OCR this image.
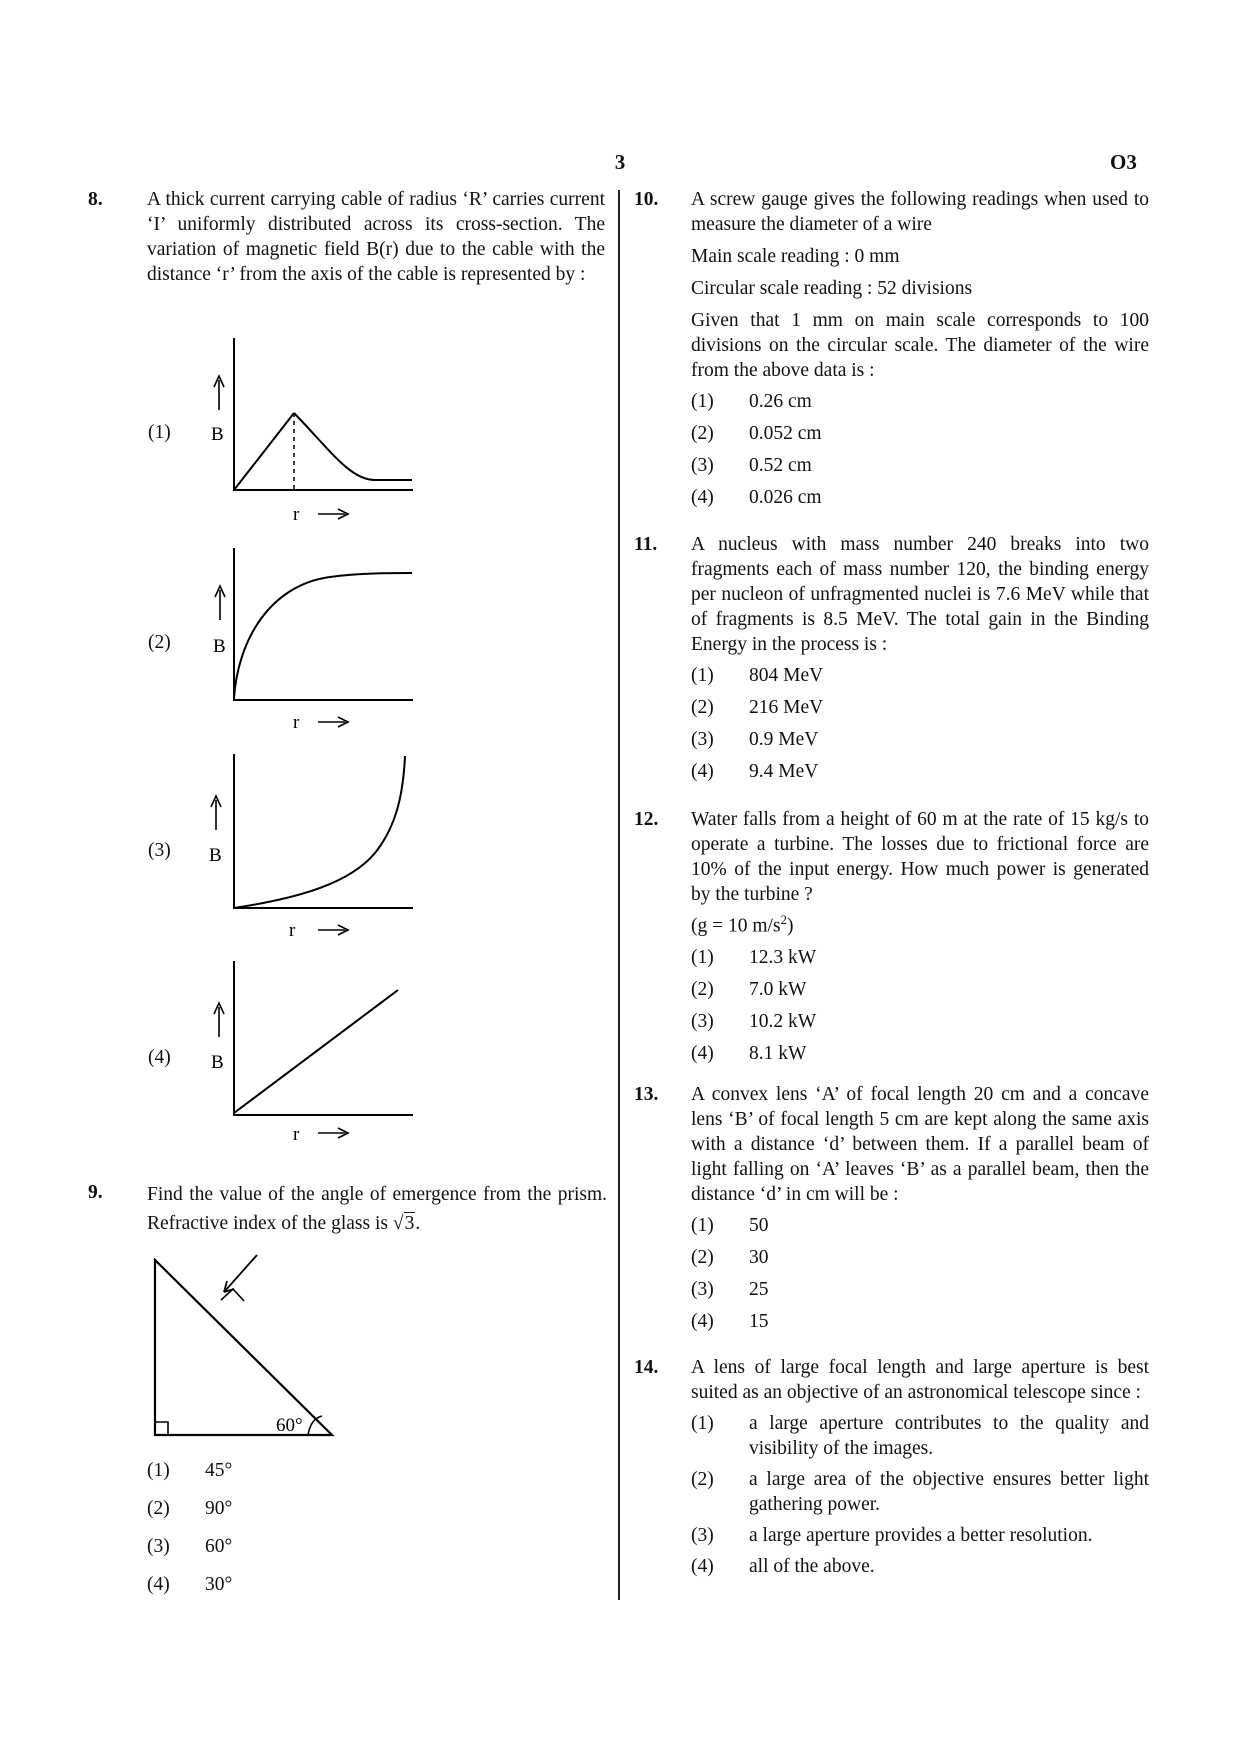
3	O3
8. A thick current carrying cable of radius ‘R’ carries current ‘I’ uniformly distributed across its cross-section. The variation of magnetic field B(r) due to the cable with the distance ‘r’ from the axis of the cable is represented by :
(1) B
r
(2) B
r
(3) B
r
(4) B
r
9. Find the value of the angle of emergence from the prism. Refractive index of the glass is √3.
60°
(1)	45°
(2)	90°
(3)	60°
(4)	30°
10. A screw gauge gives the following readings when used to measure the diameter of a wire
Main scale reading : 0 mm
Circular scale reading : 52 divisions
Given that 1 mm on main scale corresponds to 100 divisions on the circular scale. The diameter of the wire from the above data is :
(1)	0.26 cm
(2)	0.052 cm
(3)	0.52 cm
(4)	0.026 cm
11. A nucleus with mass number 240 breaks into two fragments each of mass number 120, the binding energy per nucleon of unfragmented nuclei is 7.6 MeV while that of fragments is 8.5 MeV. The total gain in the Binding Energy in the process is :
(1)	804 MeV
(2)	216 MeV
(3)	0.9 MeV
(4)	9.4 MeV
12. Water falls from a height of 60 m at the rate of 15 kg/s to operate a turbine. The losses due to frictional force are 10% of the input energy. How much power is generated by the turbine ?
(g = 10 $m/s^2$)
(1)	12.3 kW
(2)	7.0 kW
(3)	10.2 kW
(4)	8.1 kW
13. A convex lens ‘A’ of focal length 20 cm and a concave lens ‘B’ of focal length 5 cm are kept along the same axis with a distance ‘d’ between them. If a parallel beam of light falling on ‘A’ leaves ‘B’ as a parallel beam, then the distance ‘d’ in cm will be :
(1)	50
(2)	30
(3)	25
(4)	15
14. A lens of large focal length and large aperture is best suited as an objective of an astronomical telescope since :
(1)	a large aperture contributes to the quality and visibility of the images.
(2)	a large area of the objective ensures better light gathering power.
(3)	a large aperture provides a better resolution.
(4)	all of the above.
